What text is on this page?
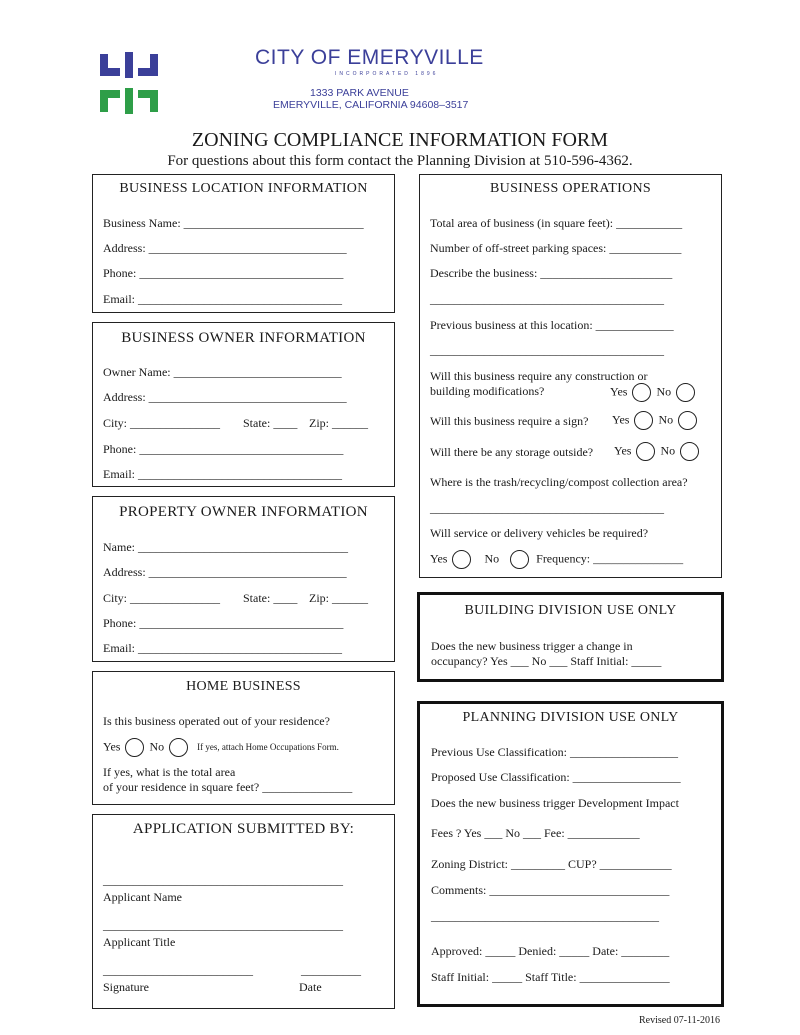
CITY OF EMERYVILLE
INCORPORATED 1896
1333 PARK AVENUE
EMERYVILLE, CALIFORNIA 94608–3517
ZONING COMPLIANCE INFORMATION FORM
For questions about this form contact the Planning Division at 510-596-4362.
BUSINESS LOCATION INFORMATION
Business Name: ______________________________
Address: _________________________________
Phone: __________________________________
Email: __________________________________
BUSINESS OWNER INFORMATION
Owner Name: ____________________________
Address: _________________________________
City: _______________ State: ____ Zip: ______
Phone: __________________________________
Email: __________________________________
PROPERTY OWNER INFORMATION
Name: ___________________________________
Address: _________________________________
City: _______________ State: ____ Zip: ______
Phone: __________________________________
Email: __________________________________
HOME BUSINESS
Is this business operated out of your residence?
Yes No	If yes, attach Home Occupations Form.
If yes, what is the total area
of your residence in square feet? _______________
APPLICATION SUBMITTED BY:
________________________________________
Applicant Name
________________________________________
Applicant Title
_________________________	__________
Signature	Date
BUSINESS OPERATIONS
Total area of business (in square feet): ___________
Number of off-street parking spaces: ____________
Describe the business: ______________________
_______________________________________
Previous business at this location: _____________
_______________________________________
Will this business require any construction or
building modifications?	Yes No
Will this business require a sign? Yes No
Will there be any storage outside? Yes No
Where is the trash/recycling/compost collection area?
_______________________________________
Will service or delivery vehicles be required?
Yes	No	Frequency: _______________
BUILDING DIVISION USE ONLY
Does the new business trigger a change in
occupancy? Yes ___ No ___ Staff Initial: _____
PLANNING DIVISION USE ONLY
Previous Use Classification: __________________
Proposed Use Classification: __________________
Does the new business trigger Development Impact
Fees ? Yes ___ No ___ Fee: ____________
Zoning District: _________ CUP? ____________
Comments: ______________________________
______________________________________
Approved: _____ Denied: _____ Date: ________
Staff Initial: _____ Staff Title: _______________
Revised 07-11-2016
